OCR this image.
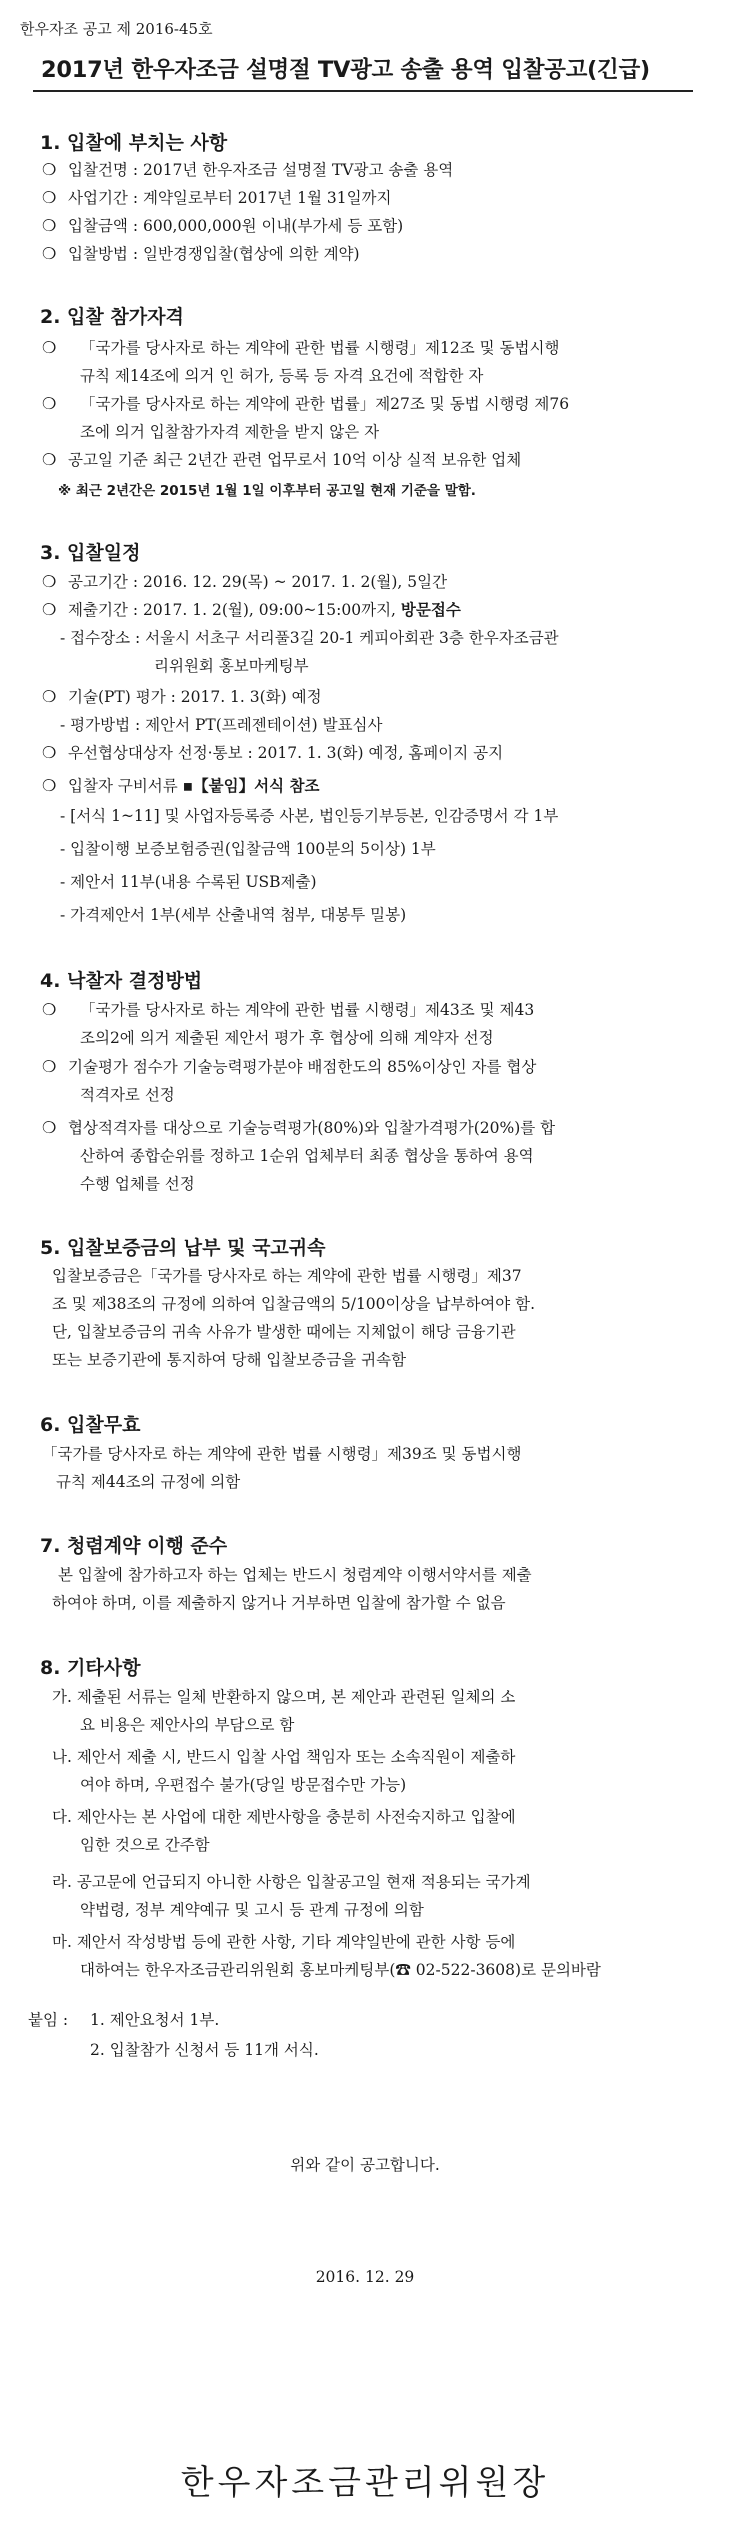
한우자조 공고 제 2016-45호
2017년 한우자조금 설명절 TV광고 송출 용역 입찰공고(긴급)
1. 입찰에 부치는 사항
❍ 입찰건명 : 2017년 한우자조금 설명절 TV광고 송출 용역
❍ 사업기간 : 계약일로부터 2017년 1월 31일까지
❍ 입찰금액 : 600,000,000원 이내(부가세 등 포함)
❍ 입찰방법 : 일반경쟁입찰(협상에 의한 계약)
2. 입찰 참가자격
❍ 「국가를 당사자로 하는 계약에 관한 법률 시행령」제12조 및 동법시행
규칙 제14조에 의거 인 허가, 등록 등 자격 요건에 적합한 자
❍ 「국가를 당사자로 하는 계약에 관한 법률」제27조 및 동법 시행령 제76
조에 의거 입찰참가자격 제한을 받지 않은 자
❍ 공고일 기준 최근 2년간 관련 업무로서 10억 이상 실적 보유한 업체
※ 최근 2년간은 2015년 1월 1일 이후부터 공고일 현재 기준을 말함.
3. 입찰일정
❍ 공고기간 : 2016. 12. 29(목) ~ 2017. 1. 2(월), 5일간
❍ 제출기간 : 2017. 1. 2(월), 09:00~15:00까지, 방문접수
- 접수장소 : 서울시 서초구 서리풀3길 20-1 케피아회관 3층 한우자조금관
리위원회 홍보마케팅부
❍ 기술(PT) 평가 : 2017. 1. 3(화) 예정
- 평가방법 : 제안서 PT(프레젠테이션) 발표심사
❍ 우선협상대상자 선정·통보 : 2017. 1. 3(화) 예정, 홈페이지 공지
❍ 입찰자 구비서류 ▪【붙임】서식 참조
- [서식 1~11] 및 사업자등록증 사본, 법인등기부등본, 인감증명서 각 1부
- 입찰이행 보증보험증권(입찰금액 100분의 5이상) 1부
- 제안서 11부(내용 수록된 USB제출)
- 가격제안서 1부(세부 산출내역 첨부, 대봉투 밀봉)
4. 낙찰자 결정방법
❍ 「국가를 당사자로 하는 계약에 관한 법률 시행령」제43조 및 제43
조의2에 의거 제출된 제안서 평가 후 협상에 의해 계약자 선정
❍ 기술평가 점수가 기술능력평가분야 배점한도의 85%이상인 자를 협상
적격자로 선정
❍ 협상적격자를 대상으로 기술능력평가(80%)와 입찰가격평가(20%)를 합
산하여 종합순위를 정하고 1순위 업체부터 최종 협상을 통하여 용역
수행 업체를 선정
5. 입찰보증금의 납부 및 국고귀속
입찰보증금은「국가를 당사자로 하는 계약에 관한 법률 시행령」제37
조 및 제38조의 규정에 의하여 입찰금액의 5/100이상을 납부하여야 함.
단, 입찰보증금의 귀속 사유가 발생한 때에는 지체없이 해당 금융기관
또는 보증기관에 통지하여 당해 입찰보증금을 귀속함
6. 입찰무효
「국가를 당사자로 하는 계약에 관한 법률 시행령」제39조 및 동법시행
규칙 제44조의 규정에 의함
7. 청렴계약 이행 준수
본 입찰에 참가하고자 하는 업체는 반드시 청렴계약 이행서약서를 제출
하여야 하며, 이를 제출하지 않거나 거부하면 입찰에 참가할 수 없음
8. 기타사항
가. 제출된 서류는 일체 반환하지 않으며, 본 제안과 관련된 일체의 소
요 비용은 제안사의 부담으로 함
나. 제안서 제출 시, 반드시 입찰 사업 책임자 또는 소속직원이 제출하
여야 하며, 우편접수 불가(당일 방문접수만 가능)
다. 제안사는 본 사업에 대한 제반사항을 충분히 사전숙지하고 입찰에
임한 것으로 간주함
라. 공고문에 언급되지 아니한 사항은 입찰공고일 현재 적용되는 국가계
약법령, 정부 계약예규 및 고시 등 관계 규정에 의함
마. 제안서 작성방법 등에 관한 사항, 기타 계약일반에 관한 사항 등에
대하여는 한우자조금관리위원회 홍보마케팅부(☎ 02-522-3608)로 문의바람
붙임 : 1. 제안요청서 1부.
2. 입찰참가 신청서 등 11개 서식.
위와 같이 공고합니다.
2016. 12. 29
한우자조금관리위원장
